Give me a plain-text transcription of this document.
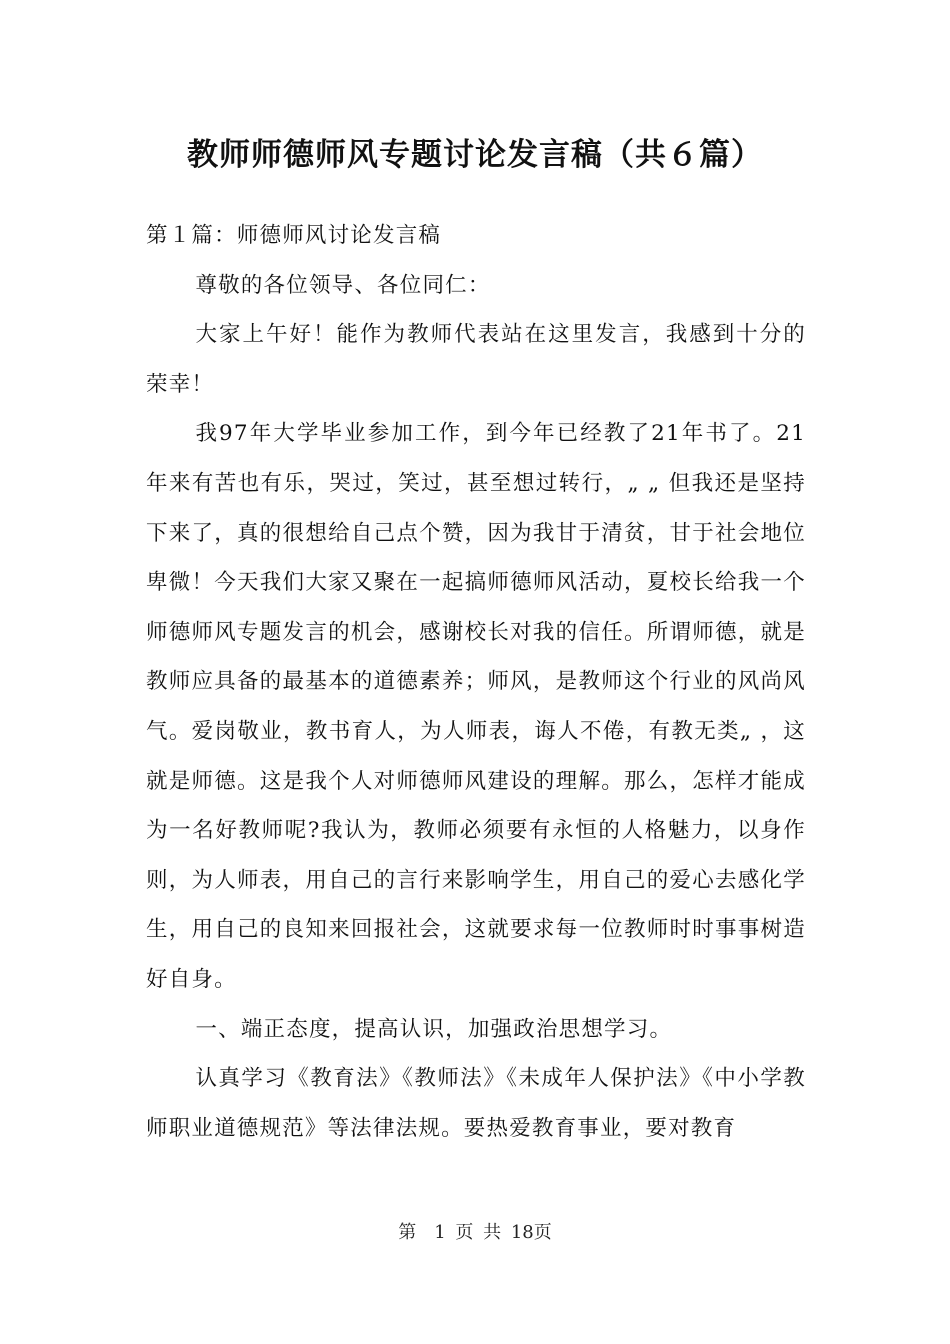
教师师德师风专题讨论发言稿（共６篇）

第１篇：师德师风讨论发言稿

尊敬的各位领导、各位同仁：

大家上午好！能作为教师代表站在这里发言，我感到十分的荣幸！

我97年大学毕业参加工作，到今年已经教了21年书了。21年来有苦也有乐，哭过，笑过，甚至想过转行，„ „ 但我还是坚持下来了，真的很想给自己点个赞，因为我甘于清贫，甘于社会地位卑微！今天我们大家又聚在一起搞师德师风活动，夏校长给我一个师德师风专题发言的机会，感谢校长对我的信任。所谓师德，就是教师应具备的最基本的道德素养；师风，是教师这个行业的风尚风气。爱岗敬业，教书育人，为人师表，诲人不倦，有教无类„ ，这就是师德。这是我个人对师德师风建设的理解。那么，怎样才能成为一名好教师呢?我认为，教师必须要有永恒的人格魅力，以身作则，为人师表，用自己的言行来影响学生，用自己的爱心去感化学生，用自己的良知来回报社会，这就要求每一位教师时时事事树造好自身。

一、端正态度，提高认识，加强政治思想学习。

认真学习《教育法》《教师法》《未成年人保护法》《中小学教师职业道德规范》等法律法规。要热爱教育事业，要对教育

第　1 页 共 18页
